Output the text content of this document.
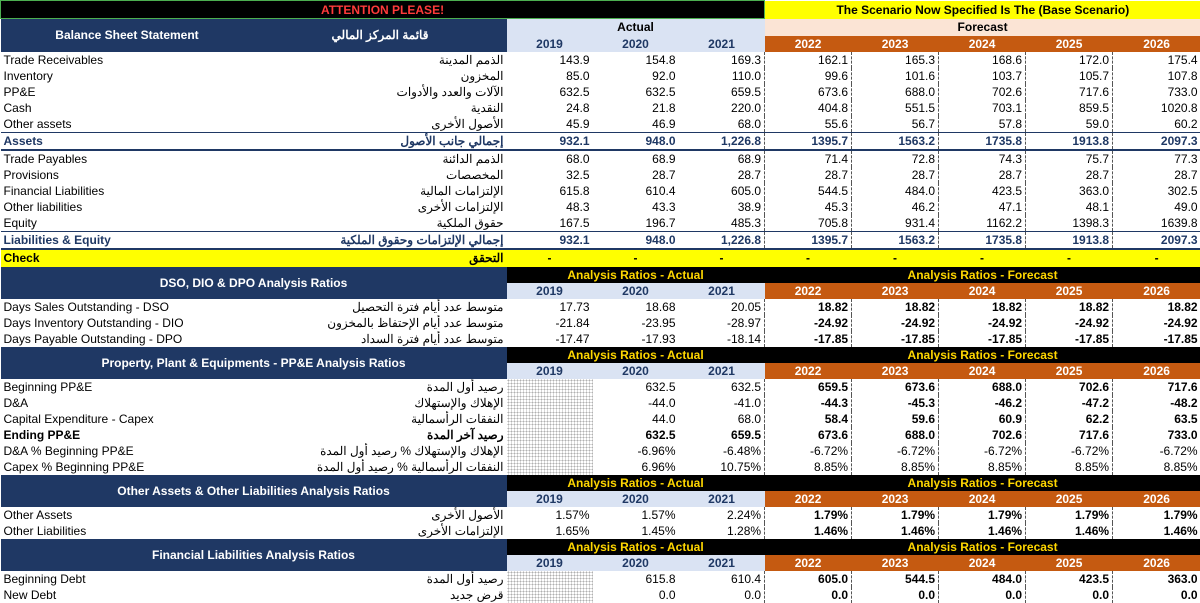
ATTENTION PLEASE!					The Scenario Now Specified Is The (Base Scenario)				
Balance Sheet Statement	قائمة المركز المالي	Actual			Forecast				
		2019	2020	2021	2022	2023	2024	2025	2026
Trade Receivables	الذمم المدينة	143.9	154.8	169.3	162.1	165.3	168.6	172.0	175.4
Inventory	المخزون	85.0	92.0	110.0	99.6	101.6	103.7	105.7	107.8
PP&E	الآلات والعدد والأدوات	632.5	632.5	659.5	673.6	688.0	702.6	717.6	733.0
Cash	النقدية	24.8	21.8	220.0	404.8	551.5	703.1	859.5	1020.8
Other assets	الأصول الأخرى	45.9	46.9	68.0	55.6	56.7	57.8	59.0	60.2
Assets	إجمالي جانب الأصول	932.1	948.0	1,226.8	1395.7	1563.2	1735.8	1913.8	2097.3
Trade Payables	الذمم الدائنة	68.0	68.9	68.9	71.4	72.8	74.3	75.7	77.3
Provisions	المخصصات	32.5	28.7	28.7	28.7	28.7	28.7	28.7	28.7
Financial Liabilities	الإلتزامات المالية	615.8	610.4	605.0	544.5	484.0	423.5	363.0	302.5
Other liabilities	الإلتزامات الأخرى	48.3	43.3	38.9	45.3	46.2	47.1	48.1	49.0
Equity	حقوق الملكية	167.5	196.7	485.3	705.8	931.4	1162.2	1398.3	1639.8
Liabilities & Equity	إجمالي الإلتزامات وحقوق الملكية	932.1	948.0	1,226.8	1395.7	1563.2	1735.8	1913.8	2097.3
Check	التحقق	-	-	-	-	-	-	-	-
DSO, DIO & DPO Analysis Ratios		Analysis Ratios - Actual			Analysis Ratios - Forecast				
		2019	2020	2021	2022	2023	2024	2025	2026
Days Sales Outstanding - DSO	متوسط عدد أيام فترة التحصيل	17.73	18.68	20.05	18.82	18.82	18.82	18.82	18.82
Days Inventory Outstanding - DIO	متوسط عدد أيام الإحتفاظ بالمخزون	-21.84	-23.95	-28.97	-24.92	-24.92	-24.92	-24.92	-24.92
Days Payable Outstanding - DPO	متوسط عدد أيام فترة السداد	-17.47	-17.93	-18.14	-17.85	-17.85	-17.85	-17.85	-17.85
Property, Plant & Equipments - PP&E Analysis Ratios		Analysis Ratios - Actual			Analysis Ratios - Forecast				
		2019	2020	2021	2022	2023	2024	2025	2026
Beginning PP&E	رصيد أول المدة		632.5	632.5	659.5	673.6	688.0	702.6	717.6
D&A	الإهلاك والإستهلاك		-44.0	-41.0	-44.3	-45.3	-46.2	-47.2	-48.2
Capital Expenditure - Capex	النفقات الرأسمالية		44.0	68.0	58.4	59.6	60.9	62.2	63.5
Ending PP&E	رصيد آخر المدة		632.5	659.5	673.6	688.0	702.6	717.6	733.0
D&A % Beginning PP&E	الإهلاك والإستهلاك % رصيد أول المدة		-6.96%	-6.48%	-6.72%	-6.72%	-6.72%	-6.72%	-6.72%
Capex % Beginning PP&E	النفقات الرأسمالية % رصيد أول المدة		6.96%	10.75%	8.85%	8.85%	8.85%	8.85%	8.85%
Other Assets & Other Liabilities Analysis Ratios		Analysis Ratios - Actual			Analysis Ratios - Forecast				
		2019	2020	2021	2022	2023	2024	2025	2026
Other Assets	الأصول الأخرى	1.57%	1.57%	2.24%	1.79%	1.79%	1.79%	1.79%	1.79%
Other Liabilities	الإلتزامات الأخرى	1.65%	1.45%	1.28%	1.46%	1.46%	1.46%	1.46%	1.46%
Financial Liabilities Analysis Ratios		Analysis Ratios - Actual			Analysis Ratios - Forecast				
		2019	2020	2021	2022	2023	2024	2025	2026
Beginning Debt	رصيد أول المدة		615.8	610.4	605.0	544.5	484.0	423.5	363.0
New Debt	قرض جديد		0.0	0.0	0.0	0.0	0.0	0.0	0.0
